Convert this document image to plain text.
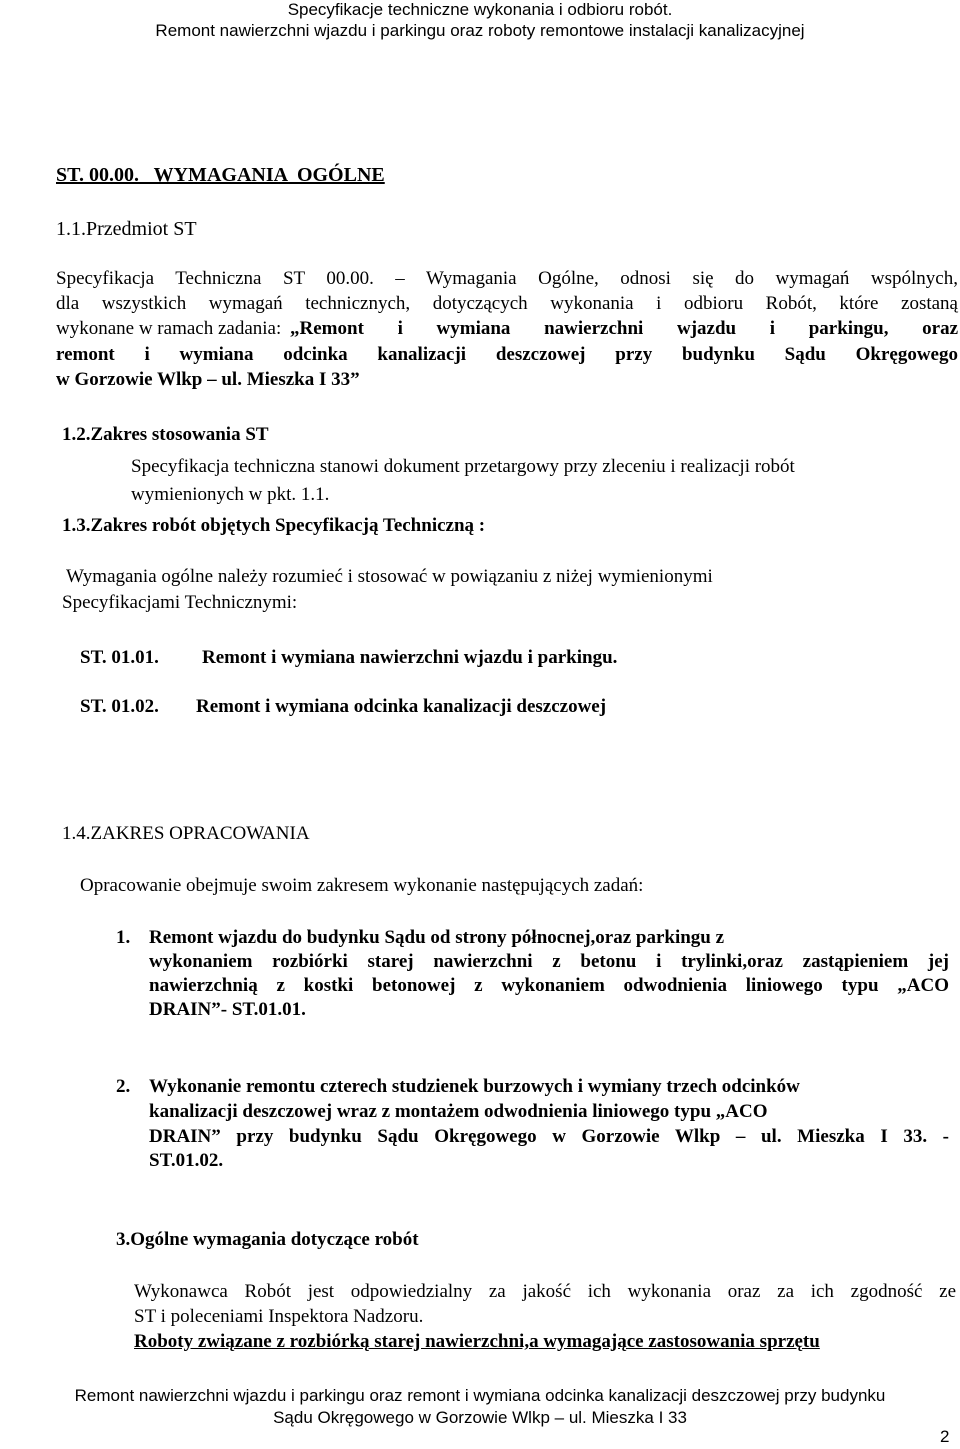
Specyfikacje techniczne wykonania i odbioru robót.
Remont nawierzchni wjazdu i parkingu oraz roboty remontowe instalacji kanalizacyjnej
ST. 00.00.   WYMAGANIA  OGÓLNE
1.1.Przedmiot ST
Specyfikacja Techniczna ST 00.00. – Wymagania Ogólne, odnosi się do wymagań wspólnych,
dla wszystkich wymagań technicznych, dotyczących wykonania i odbioru Robót, które zostaną
wykonane w ramach zadania: „Remont i wymiana nawierzchni wjazdu i parkingu, oraz
remont i wymiana odcinka kanalizacji deszczowej przy budynku Sądu Okręgowego
w Gorzowie Wlkp – ul. Mieszka I 33”
1.2.Zakres stosowania ST
Specyfikacja techniczna stanowi dokument przetargowy przy zleceniu i realizacji robót
wymienionych w pkt. 1.1.
1.3.Zakres robót objętych Specyfikacją Techniczną :
Wymagania ogólne należy rozumieć i stosować w powiązaniu z niżej wymienionymi
Specyfikacjami Technicznymi:
ST. 01.01. Remont i wymiana nawierzchni wjazdu i parkingu.
ST. 01.02. Remont i wymiana odcinka kanalizacji deszczowej
1.4.ZAKRES OPRACOWANIA
Opracowanie obejmuje swoim zakresem wykonanie następujących zadań:
1. Remont wjazdu do budynku Sądu od strony północnej,oraz parkingu z
wykonaniem rozbiórki starej nawierzchni z betonu i trylinki,oraz zastąpieniem jej
nawierzchnią z kostki betonowej z wykonaniem odwodnienia liniowego typu „ACO
DRAIN”- ST.01.01.
2. Wykonanie remontu czterech studzienek burzowych i wymiany trzech odcinków
kanalizacji deszczowej wraz z montażem odwodnienia liniowego typu „ACO
DRAIN” przy budynku Sądu Okręgowego w Gorzowie Wlkp – ul. Mieszka I 33. -
ST.01.02.
3.Ogólne wymagania dotyczące robót
Wykonawca Robót jest odpowiedzialny za jakość ich wykonania oraz za ich zgodność ze
ST i poleceniami Inspektora Nadzoru.
Roboty związane z rozbiórką starej nawierzchni,a wymagające zastosowania sprzętu
Remont nawierzchni wjazdu i parkingu oraz remont i wymiana odcinka kanalizacji deszczowej przy budynku
Sądu Okręgowego w Gorzowie Wlkp – ul. Mieszka I 33
2
